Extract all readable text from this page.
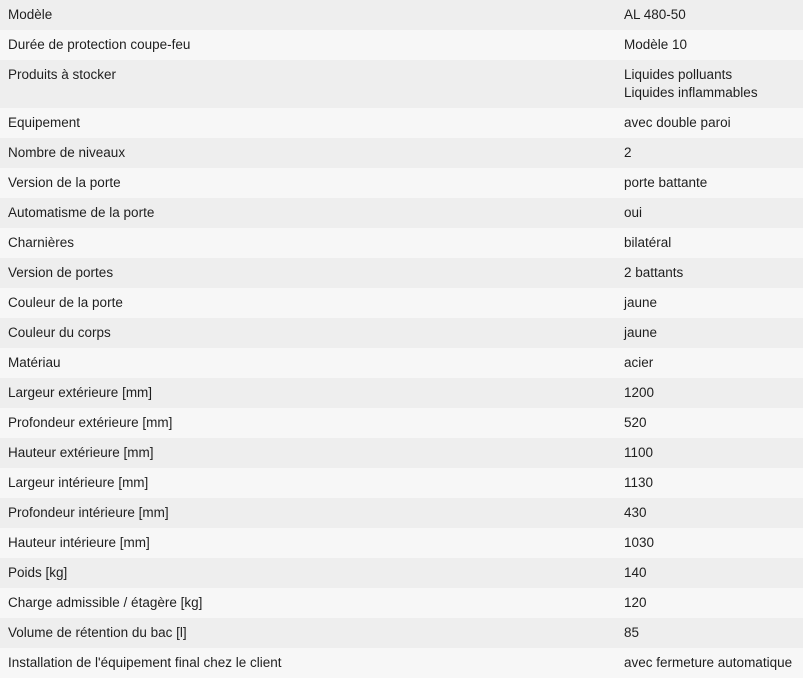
Modèle	AL 480-50

Durée de protection coupe-feu	Modèle 10

Produits à stocker	Liquides polluants
Liquides inflammables

Equipement	avec double paroi

Nombre de niveaux	2

Version de la porte	porte battante

Automatisme de la porte	oui

Charnières	bilatéral

Version de portes	2 battants

Couleur de la porte	jaune

Couleur du corps	jaune

Matériau	acier

Largeur extérieure [mm]	1200

Profondeur extérieure [mm]	520

Hauteur extérieure [mm]	1100

Largeur intérieure [mm]	1130

Profondeur intérieure [mm]	430

Hauteur intérieure [mm]	1030

Poids [kg]	140

Charge admissible / étagère [kg]	120

Volume de rétention du bac [l]	85

Installation de l'équipement final chez le client	avec fermeture automatique
